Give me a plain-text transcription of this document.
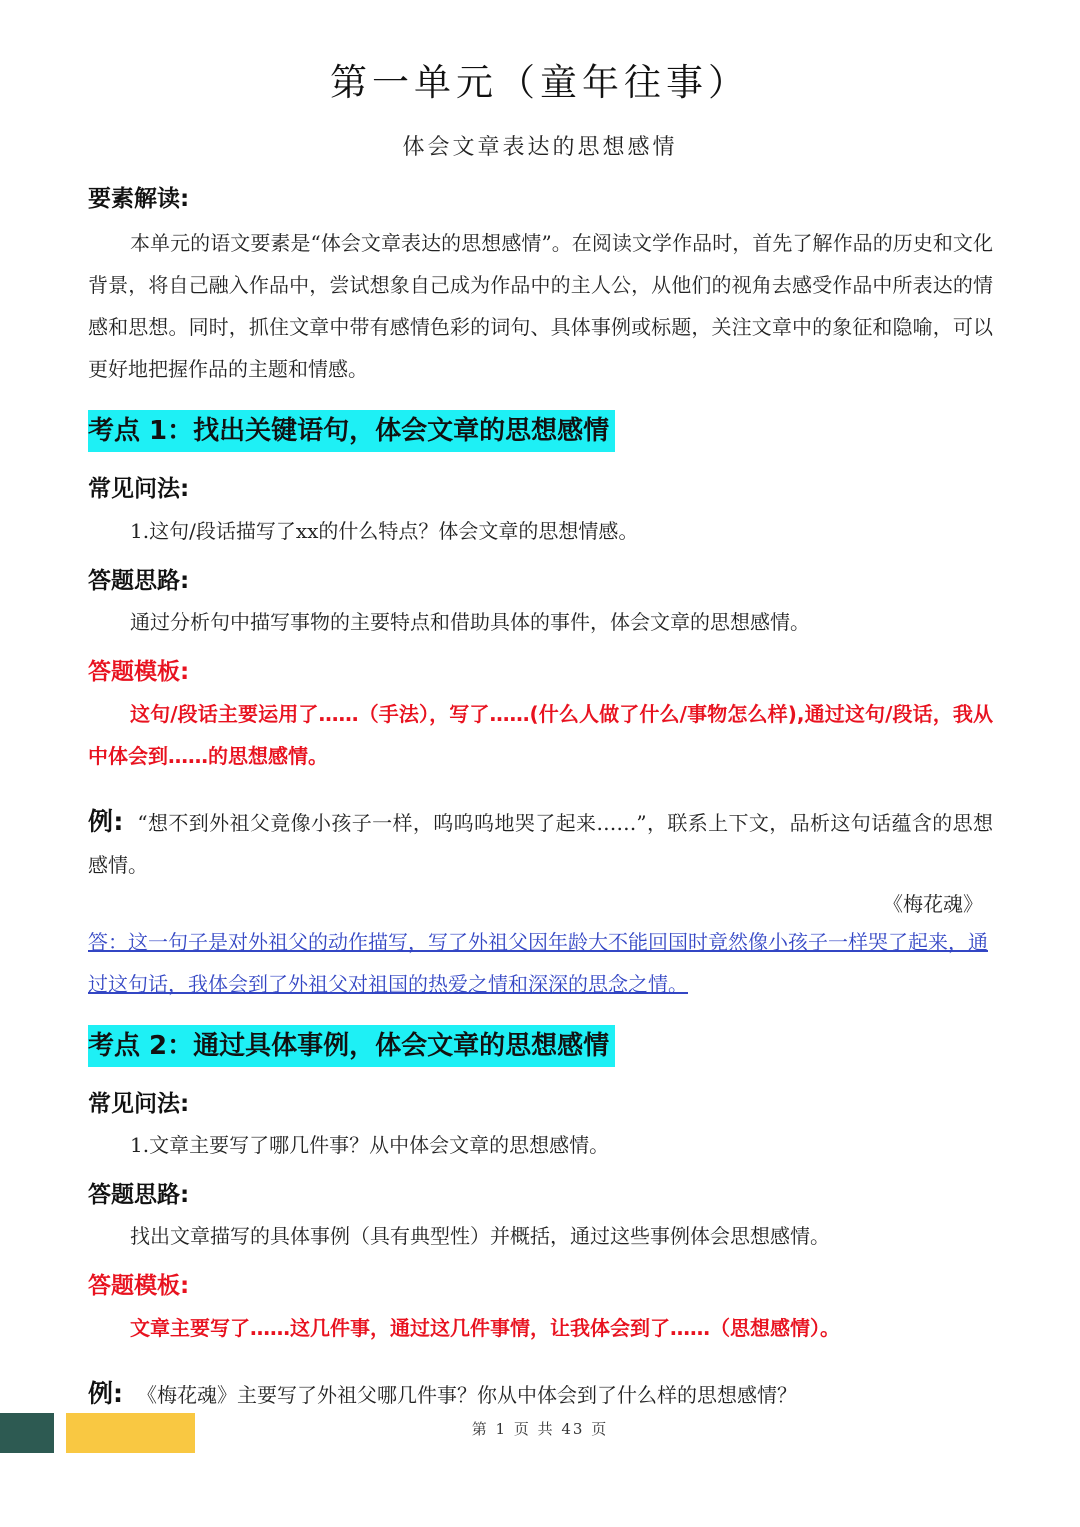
第一单元（童年往事）
体会文章表达的思想感情
要素解读:
本单元的语文要素是“体会文章表达的思想感情”。在阅读文学作品时，首先了解作品的历史和文化背景，将自己融入作品中，尝试想象自己成为作品中的主人公，从他们的视角去感受作品中所表达的情感和思想。同时，抓住文章中带有感情色彩的词句、具体事例或标题，关注文章中的象征和隐喻，可以更好地把握作品的主题和情感。
考点 1：找出关键语句，体会文章的思想感情
常见问法:
1.这句/段话描写了xx的什么特点？体会文章的思想情感。
答题思路:
通过分析句中描写事物的主要特点和借助具体的事件，体会文章的思想感情。
答题模板:
这句/段话主要运用了……（手法），写了……(什么人做了什么/事物怎么样),通过这句/段话，我从中体会到……的思想感情。
例: “想不到外祖父竟像小孩子一样，呜呜呜地哭了起来……”，联系上下文，品析这句话蕴含的思想感情。
《梅花魂》
答：这一句子是对外祖父的动作描写，写了外祖父因年龄大不能回国时竟然像小孩子一样哭了起来，通过这句话，我体会到了外祖父对祖国的热爱之情和深深的思念之情。
考点 2：通过具体事例，体会文章的思想感情
常见问法:
1.文章主要写了哪几件事？从中体会文章的思想感情。
答题思路:
找出文章描写的具体事例（具有典型性）并概括，通过这些事例体会思想感情。
答题模板:
文章主要写了……这几件事，通过这几件事情，让我体会到了……（思想感情）。
例: 《梅花魂》主要写了外祖父哪几件事？你从中体会到了什么样的思想感情？
第 1 页 共 43 页
